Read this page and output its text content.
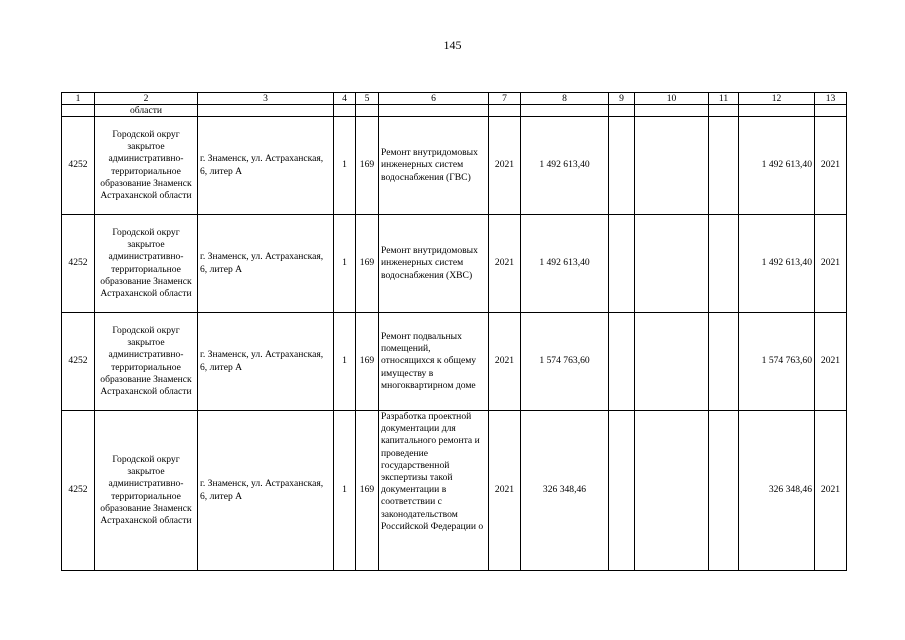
145
1	2	3	4	5	6	7	8	9	10	11	12	13
	области											
4252	Городской округ закрытое административно-территориальное образование Знаменск Астраханской области	г. Знаменск, ул. Астраханская, 6, литер А	1	169	Ремонт внутридомовых инженерных систем водоснабжения (ГВС)	2021	1 492 613,40				1 492 613,40	2021
4252	Городской округ закрытое административно-территориальное образование Знаменск Астраханской области	г. Знаменск, ул. Астраханская, 6, литер А	1	169	Ремонт внутридомовых инженерных систем водоснабжения (ХВС)	2021	1 492 613,40				1 492 613,40	2021
4252	Городской округ закрытое административно-территориальное образование Знаменск Астраханской области	г. Знаменск, ул. Астраханская, 6, литер А	1	169	Ремонт подвальных помещений, относящихся к общему имуществу в многоквартирном доме	2021	1 574 763,60				1 574 763,60	2021
4252	Городской округ закрытое административно-территориальное образование Знаменск Астраханской области	г. Знаменск, ул. Астраханская, 6, литер А	1	169	Разработка проектной документации для капитального ремонта и проведение государственной экспертизы такой документации в соответствии с законодательством Российской Федерации о	2021	326 348,46				326 348,46	2021
